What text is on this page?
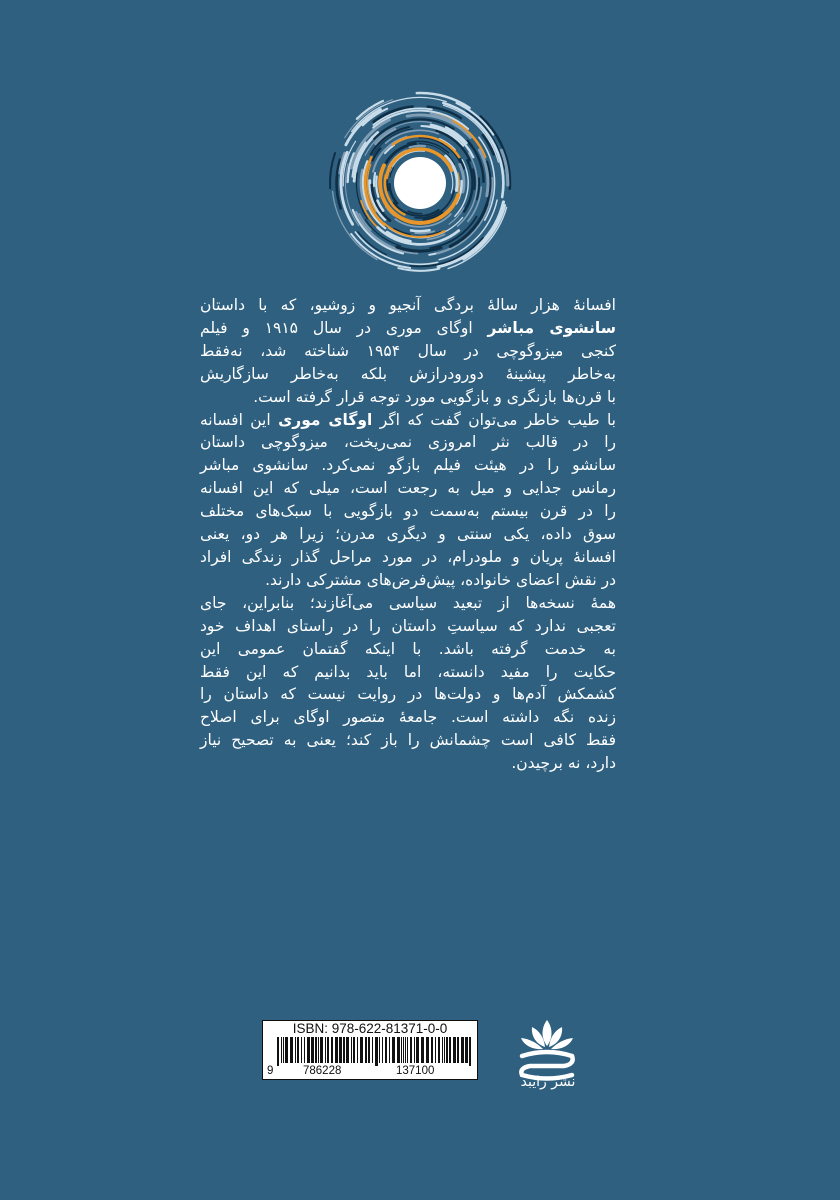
افسانهٔ هزار سالهٔ بردگی آنجیو و زوشیو، که با داستان
سانشوی مباشر اوگای موری در سال ۱۹۱۵ و فیلم
کنجی میزوگوچی در سال ۱۹۵۴ شناخته شد، نه‌فقط
به‌خاطر پیشینهٔ دورودرازش بلکه به‌خاطر سازگاریش
با قرن‌ها بازنگری و بازگویی مورد توجه قرار گرفته است.

با طیب خاطر می‌توان گفت که اگر اوگای موری این افسانه
را در قالب نثر امروزی نمی‌ریخت، میزوگوچی داستان
سانشو را در هیئت فیلم بازگو نمی‌کرد. سانشوی مباشر
رمانس جدایی و میل به رجعت است، میلی که این افسانه
را در قرن بیستم به‌سمت دو بازگویی با سبک‌های مختلف
سوق داده، یکی سنتی و دیگری مدرن؛ زیرا هر دو، یعنی
افسانهٔ پریان و ملودرام، در مورد مراحل گذار زندگی افراد
در نقش اعضای خانواده، پیش‌فرض‌های مشترکی دارند.

همهٔ نسخه‌ها از تبعید سیاسی می‌آغازند؛ بنابراین، جای
تعجبی ندارد که سیاستِ داستان را در راستای اهداف خود
به خدمت گرفته باشد. با اینکه گفتمان عمومی این
حکایت را مفید دانسته، اما باید بدانیم که این فقط
کشمکش آدم‌ها و دولت‌ها در روایت نیست که داستان را
زنده نگه داشته است. جامعهٔ متصور اوگای برای اصلاح
فقط کافی است چشمانش را باز کند؛ یعنی به تصحیح نیاز
دارد، نه برچیدن.

ISBN: 978-622-81371-0-0
9	786228	137100
نشر رایبد
